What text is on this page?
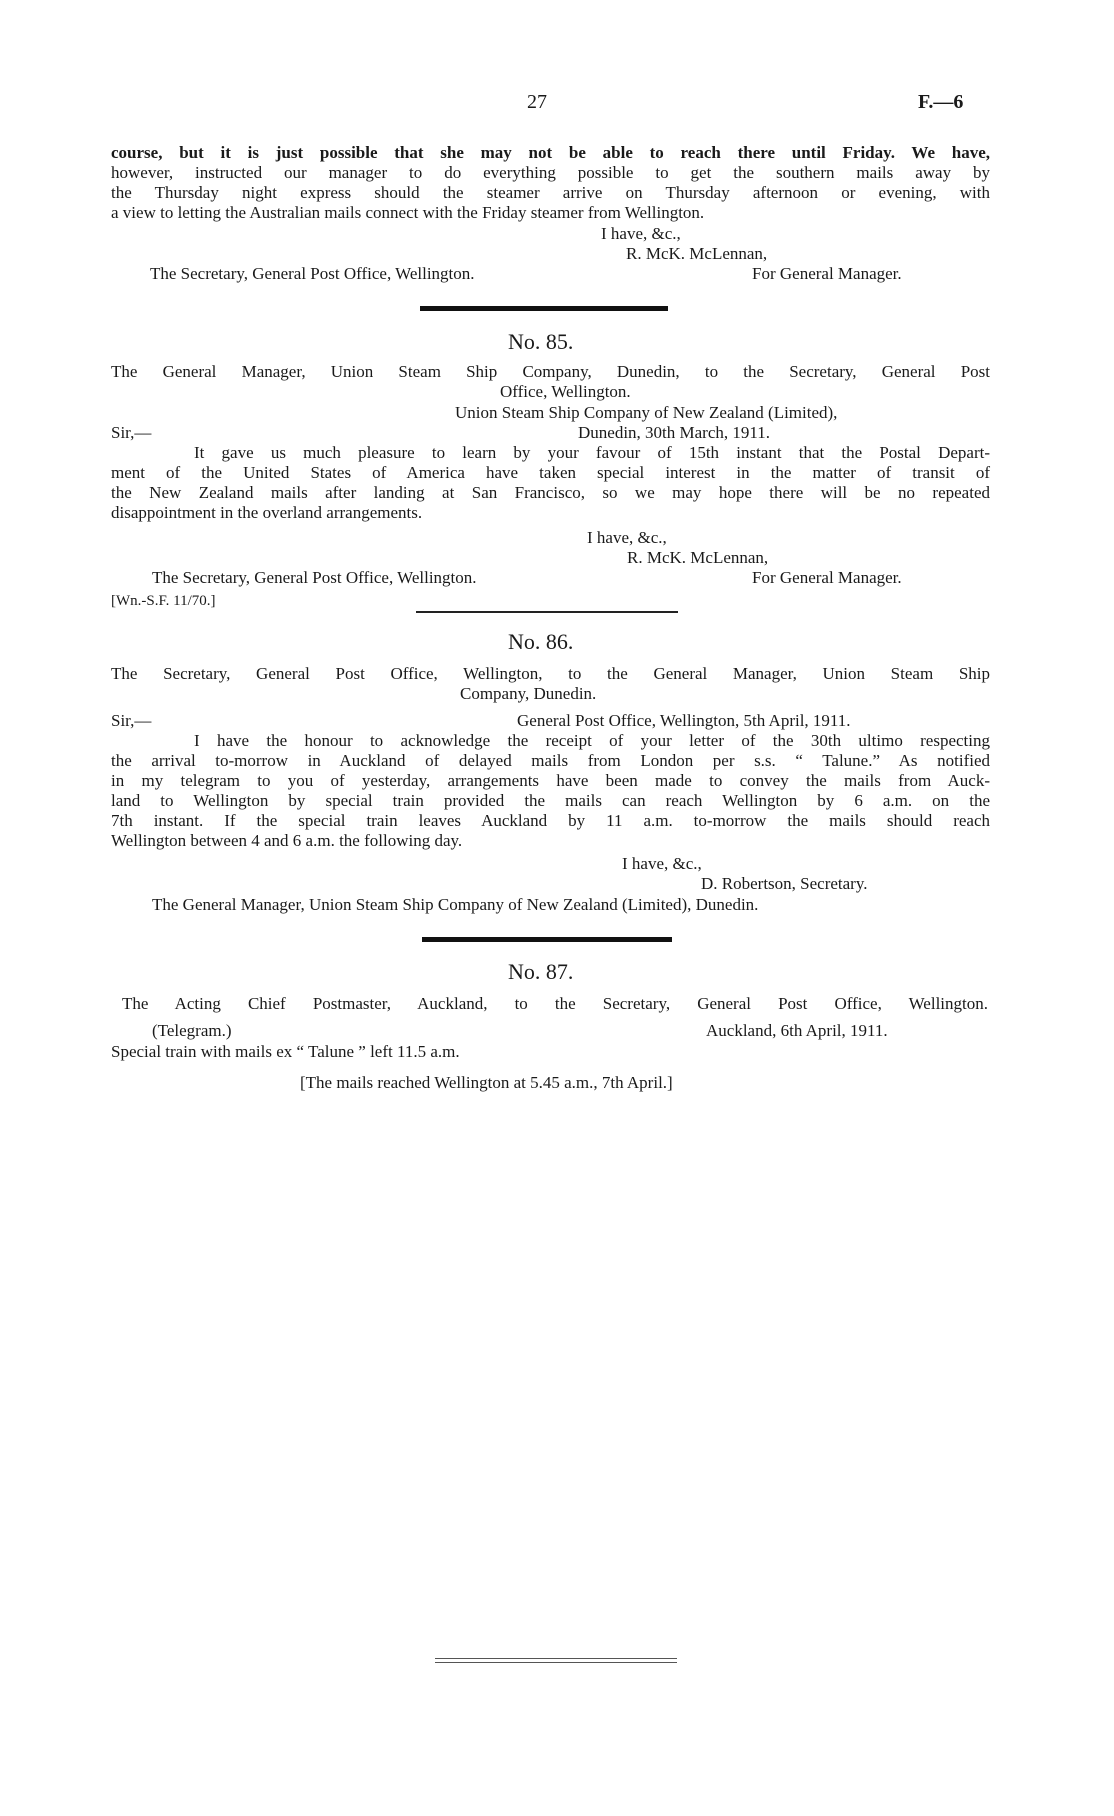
27	F.—6
course, but it is just possible that she may not be able to reach there until Friday. We have,
however, instructed our manager to do everything possible to get the southern mails away by
the Thursday night express should the steamer arrive on Thursday afternoon or evening, with
a view to letting the Australian mails connect with the Friday steamer from Wellington.
I have, &c.,
R. McK. McLennan,
The Secretary, General Post Office, Wellington.	For General Manager.
No. 85.
The General Manager, Union Steam Ship Company, Dunedin, to the Secretary, General Post
Office, Wellington.
Union Steam Ship Company of New Zealand (Limited),
Sir,—	Dunedin, 30th March, 1911.
It gave us much pleasure to learn by your favour of 15th instant that the Postal Depart-
ment of the United States of America have taken special interest in the matter of transit of
the New Zealand mails after landing at San Francisco, so we may hope there will be no repeated
disappointment in the overland arrangements.
I have, &c.,
R. McK. McLennan,
The Secretary, General Post Office, Wellington.	For General Manager.
[Wn.-S.F. 11/70.]
No. 86.
The Secretary, General Post Office, Wellington, to the General Manager, Union Steam Ship
Company, Dunedin.
Sir,—	General Post Office, Wellington, 5th April, 1911.
I have the honour to acknowledge the receipt of your letter of the 30th ultimo respecting
the arrival to-morrow in Auckland of delayed mails from London per s.s. “ Talune.” As notified
in my telegram to you of yesterday, arrangements have been made to convey the mails from Auck-
land to Wellington by special train provided the mails can reach Wellington by 6 a.m. on the
7th instant. If the special train leaves Auckland by 11 a.m. to-morrow the mails should reach
Wellington between 4 and 6 a.m. the following day.
I have, &c.,
D. Robertson, Secretary.
The General Manager, Union Steam Ship Company of New Zealand (Limited), Dunedin.
No. 87.
The Acting Chief Postmaster, Auckland, to the Secretary, General Post Office, Wellington.
(Telegram.)	Auckland, 6th April, 1911.
Special train with mails ex “ Talune ” left 11.5 a.m.
[The mails reached Wellington at 5.45 a.m., 7th April.]
